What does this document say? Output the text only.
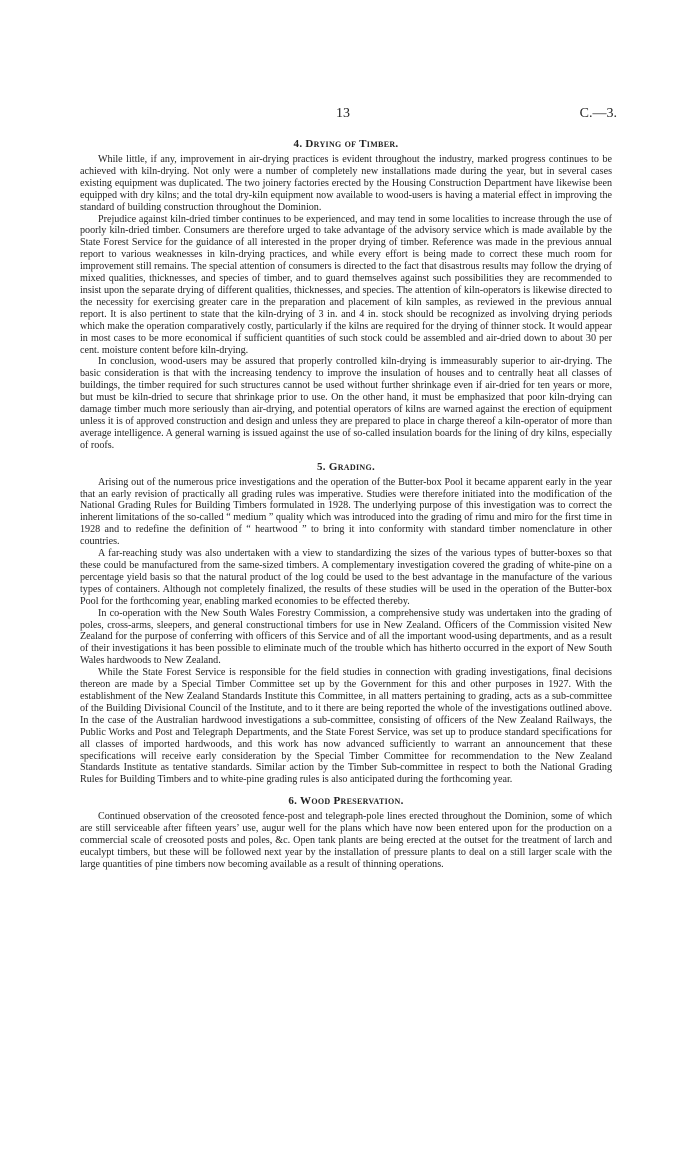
13	C.—3.
4. Drying of Timber.

While little, if any, improvement in air-drying practices is evident throughout the industry, marked progress continues to be achieved with kiln-drying. Not only were a number of completely new installations made during the year, but in several cases existing equipment was duplicated. The two joinery factories erected by the Housing Construction Department have likewise been equipped with dry kilns; and the total dry-kiln equipment now available to wood-users is having a material effect in improving the standard of building construction throughout the Dominion.

Prejudice against kiln-dried timber continues to be experienced, and may tend in some localities to increase through the use of poorly kiln-dried timber. Consumers are therefore urged to take advantage of the advisory service which is made available by the State Forest Service for the guidance of all interested in the proper drying of timber. Reference was made in the previous annual report to various weaknesses in kiln-drying practices, and while every effort is being made to correct these much room for improvement still remains. The special attention of consumers is directed to the fact that disastrous results may follow the drying of mixed qualities, thicknesses, and species of timber, and to guard themselves against such possibilities they are recommended to insist upon the separate drying of different qualities, thicknesses, and species. The attention of kiln-operators is likewise directed to the necessity for exercising greater care in the preparation and placement of kiln samples, as reviewed in the previous annual report. It is also pertinent to state that the kiln-drying of 3 in. and 4 in. stock should be recognized as involving drying periods which make the operation comparatively costly, particularly if the kilns are required for the drying of thinner stock. It would appear in most cases to be more economical if sufficient quantities of such stock could be assembled and air-dried down to about 30 per cent. moisture content before kiln-drying.

In conclusion, wood-users may be assured that properly controlled kiln-drying is immeasurably superior to air-drying. The basic consideration is that with the increasing tendency to improve the insulation of houses and to centrally heat all classes of buildings, the timber required for such structures cannot be used without further shrinkage even if air-dried for ten years or more, but must be kiln-dried to secure that shrinkage prior to use. On the other hand, it must be emphasized that poor kiln-drying can damage timber much more seriously than air-drying, and potential operators of kilns are warned against the erection of equipment unless it is of approved construction and design and unless they are prepared to place in charge thereof a kiln-operator of more than average intelligence. A general warning is issued against the use of so-called insulation boards for the lining of dry kilns, especially of roofs.

5. Grading.

Arising out of the numerous price investigations and the operation of the Butter-box Pool it became apparent early in the year that an early revision of practically all grading rules was imperative. Studies were therefore initiated into the modification of the National Grading Rules for Building Timbers formulated in 1928. The underlying purpose of this investigation was to correct the inherent limitations of the so-called “ medium ” quality which was introduced into the grading of rimu and miro for the first time in 1928 and to redefine the definition of “ heartwood ” to bring it into conformity with standard timber nomenclature in other countries.

A far-reaching study was also undertaken with a view to standardizing the sizes of the various types of butter-boxes so that these could be manufactured from the same-sized timbers. A complementary investigation covered the grading of white-pine on a percentage yield basis so that the natural product of the log could be used to the best advantage in the manufacture of the various types of containers. Although not completely finalized, the results of these studies will be used in the operation of the Butter-box Pool for the forthcoming year, enabling marked economies to be effected thereby.

In co-operation with the New South Wales Forestry Commission, a comprehensive study was undertaken into the grading of poles, cross-arms, sleepers, and general constructional timbers for use in New Zealand. Officers of the Commission visited New Zealand for the purpose of conferring with officers of this Service and of all the important wood-using departments, and as a result of their investigations it has been possible to eliminate much of the trouble which has hitherto occurred in the export of New South Wales hardwoods to New Zealand.

While the State Forest Service is responsible for the field studies in connection with grading investigations, final decisions thereon are made by a Special Timber Committee set up by the Government for this and other purposes in 1927. With the establishment of the New Zealand Standards Institute this Committee, in all matters pertaining to grading, acts as a sub-committee of the Building Divisional Council of the Institute, and to it there are being reported the whole of the investigations outlined above. In the case of the Australian hardwood investigations a sub-committee, consisting of officers of the New Zealand Railways, the Public Works and Post and Telegraph Departments, and the State Forest Service, was set up to produce standard specifications for all classes of imported hardwoods, and this work has now advanced sufficiently to warrant an announcement that these specifications will receive early consideration by the Special Timber Committee for recommendation to the New Zealand Standards Institute as tentative standards. Similar action by the Timber Sub-committee in respect to both the National Grading Rules for Building Timbers and to white-pine grading rules is also anticipated during the forthcoming year.

6. Wood Preservation.

Continued observation of the creosoted fence-post and telegraph-pole lines erected throughout the Dominion, some of which are still serviceable after fifteen years’ use, augur well for the plans which have now been entered upon for the production on a commercial scale of creosoted posts and poles, &c. Open tank plants are being erected at the outset for the treatment of larch and eucalypt timbers, but these will be followed next year by the installation of pressure plants to deal on a still larger scale with the large quantities of pine timbers now becoming available as a result of thinning operations.
